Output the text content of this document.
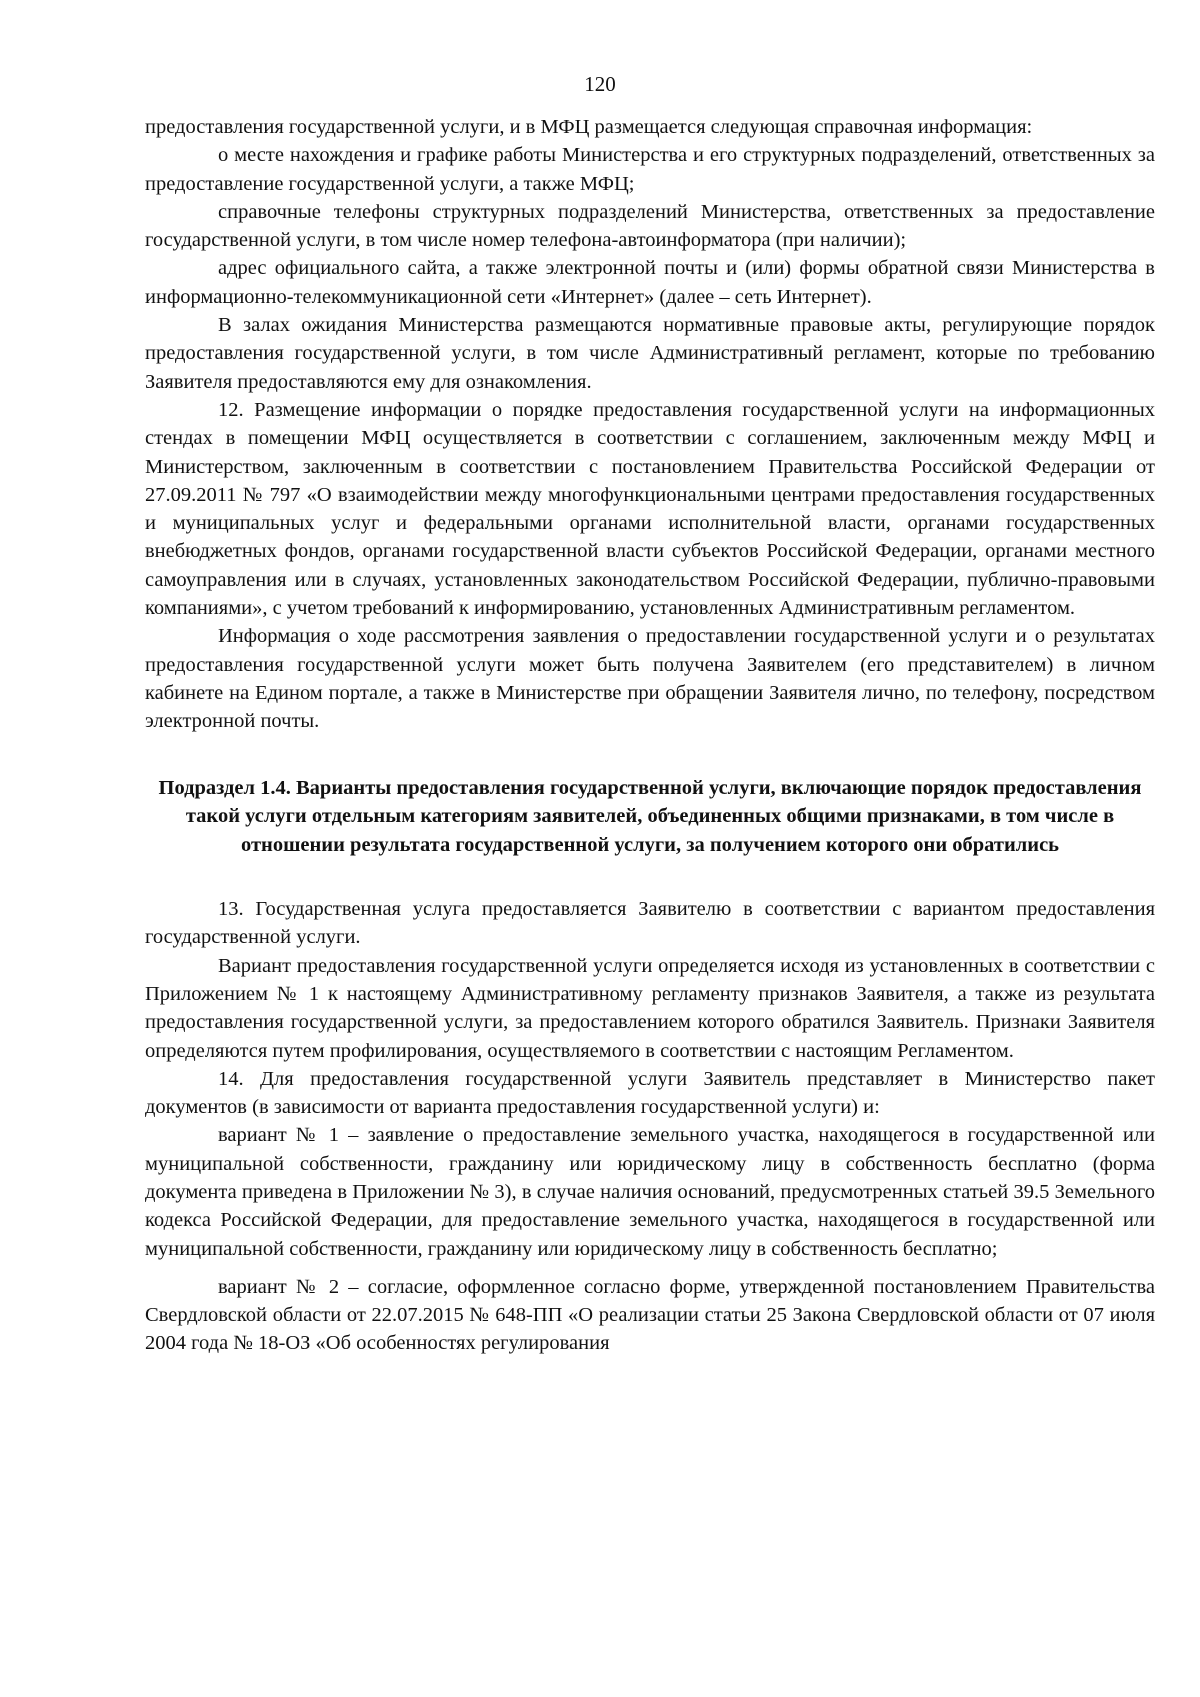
120

предоставления государственной услуги, и в МФЦ размещается следующая справочная информация:

о месте нахождения и графике работы Министерства и его структурных подразделений, ответственных за предоставление государственной услуги, а также МФЦ;

справочные телефоны структурных подразделений Министерства, ответственных за предоставление государственной услуги, в том числе номер телефона-автоинформатора (при наличии);

адрес официального сайта, а также электронной почты и (или) формы обратной связи Министерства в информационно-телекоммуникационной сети «Интернет» (далее – сеть Интернет).

В залах ожидания Министерства размещаются нормативные правовые акты, регулирующие порядок предоставления государственной услуги, в том числе Административный регламент, которые по требованию Заявителя предоставляются ему для ознакомления.

12. Размещение информации о порядке предоставления государственной услуги на информационных стендах в помещении МФЦ осуществляется в соответствии с соглашением, заключенным между МФЦ и Министерством, заключенным в соответствии с постановлением Правительства Российской Федерации от 27.09.2011 № 797 «О взаимодействии между многофункциональными центрами предоставления государственных и муниципальных услуг и федеральными органами исполнительной власти, органами государственных внебюджетных фондов, органами государственной власти субъектов Российской Федерации, органами местного самоуправления или в случаях, установленных законодательством Российской Федерации, публично-правовыми компаниями», с учетом требований к информированию, установленных Административным регламентом.

Информация о ходе рассмотрения заявления о предоставлении государственной услуги и о результатах предоставления государственной услуги может быть получена Заявителем (его представителем) в личном кабинете на Едином портале, а также в Министерстве при обращении Заявителя лично, по телефону, посредством электронной почты.

Подраздел 1.4. Варианты предоставления государственной услуги, включающие порядок предоставления такой услуги отдельным категориям заявителей, объединенных общими признаками, в том числе в отношении результата государственной услуги, за получением которого они обратились

13. Государственная услуга предоставляется Заявителю в соответствии с вариантом предоставления государственной услуги.

Вариант предоставления государственной услуги определяется исходя из установленных в соответствии с Приложением № 1 к настоящему Административному регламенту признаков Заявителя, а также из результата предоставления государственной услуги, за предоставлением которого обратился Заявитель. Признаки Заявителя определяются путем профилирования, осуществляемого в соответствии с настоящим Регламентом.

14. Для предоставления государственной услуги Заявитель представляет в Министерство пакет документов (в зависимости от варианта предоставления государственной услуги) и:

вариант № 1 – заявление о предоставление земельного участка, находящегося в государственной или муниципальной собственности, гражданину или юридическому лицу в собственность бесплатно (форма документа приведена в Приложении № 3), в случае наличия оснований, предусмотренных статьей 39.5 Земельного кодекса Российской Федерации, для предоставление земельного участка, находящегося в государственной или муниципальной собственности, гражданину или юридическому лицу в собственность бесплатно;

вариант № 2 – согласие, оформленное согласно форме, утвержденной постановлением Правительства Свердловской области от 22.07.2015 № 648-ПП «О реализации статьи 25 Закона Свердловской области от 07 июля 2004 года № 18-ОЗ «Об особенностях регулирования
